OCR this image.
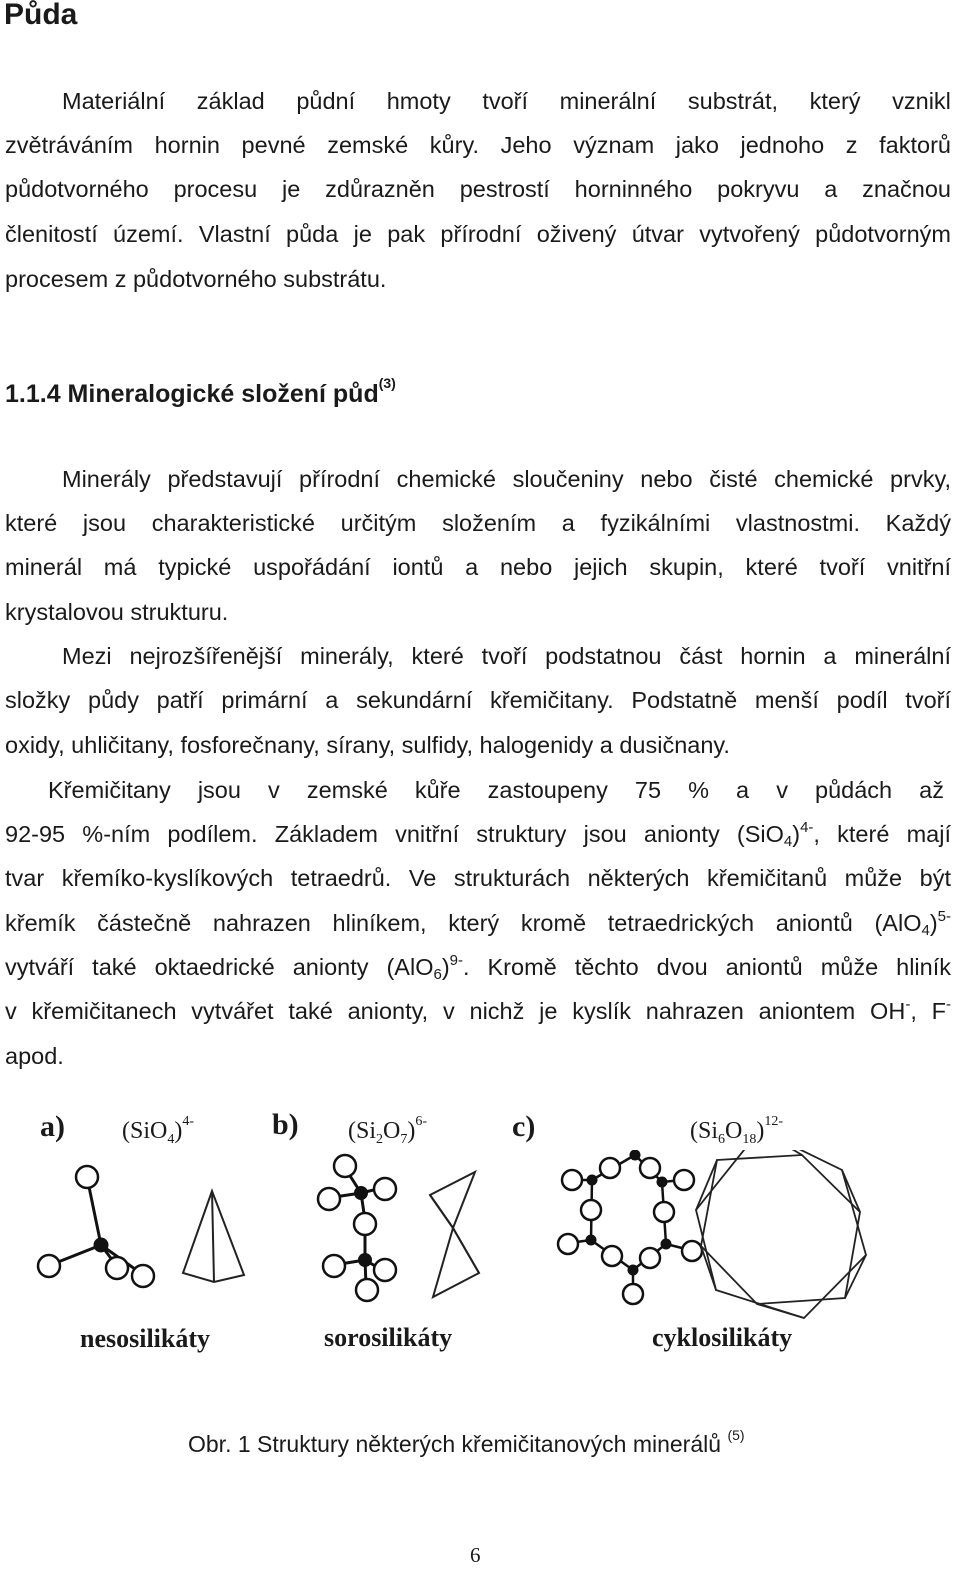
Půda
Materiální základ půdní hmoty tvoří minerální substrát, který vznikl
zvětráváním hornin pevné zemské kůry. Jeho význam jako jednoho z faktorů
půdotvorného procesu je zdůrazněn pestrostí horninného pokryvu a značnou
členitostí území. Vlastní půda je pak přírodní oživený útvar vytvořený půdotvorným
procesem z půdotvorného substrátu.
1.1.4 Mineralogické složení půd$^{(3)}$
Minerály představují přírodní chemické sloučeniny nebo čisté chemické prvky,
které jsou charakteristické určitým složením a fyzikálními vlastnostmi. Každý
minerál má typické uspořádání iontů a nebo jejich skupin, které tvoří vnitřní
krystalovou strukturu.
Mezi nejrozšířenější minerály, které tvoří podstatnou část hornin a minerální
složky půdy patří primární a sekundární křemičitany. Podstatně menší podíl tvoří
oxidy, uhličitany, fosforečnany, sírany, sulfidy, halogenidy a dusičnany.
Křemičitany jsou v zemské kůře zastoupeny 75 % a v půdách až
92-95 %-ním podílem. Základem vnitřní struktury jsou anionty $(SiO_4)^{4-}$, které mají
tvar křemíko-kyslíkových tetraedrů. Ve strukturách některých křemičitanů může být
křemík částečně nahrazen hliníkem, který kromě tetraedrických aniontů $(AlO_4)^{5-}$
vytváří také oktaedrické anionty $(AlO_6)^{9-}$. Kromě těchto dvou aniontů může hliník
v křemičitanech vytvářet také anionty, v nichž je kyslík nahrazen aniontem OH-, F-
apod.
a) $(SiO_4)^{4-}$	b) $(Si_2O_7)^{6-}$	c)	$(Si_6O_{18})^{12-}$
nesosilikáty	sorosilikáty	cyklosilikáty
Obr. 1 Struktury některých křemičitanových minerálů $^{(5)}$
6
